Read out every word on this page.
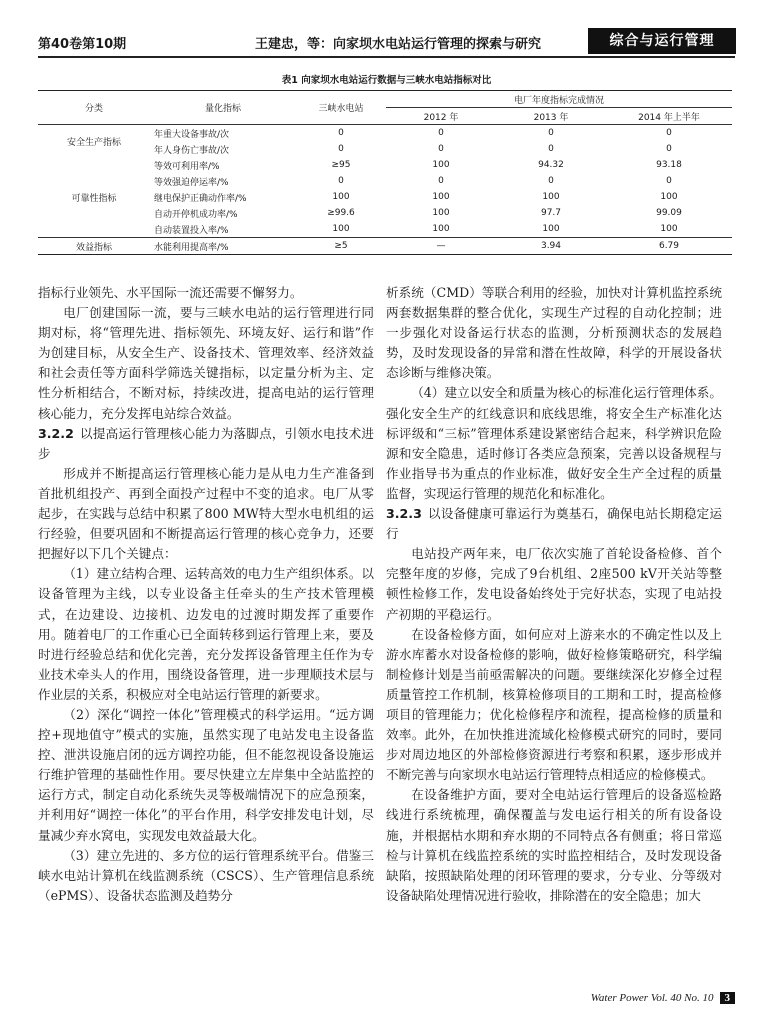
第40卷第10期	王建忠，等：向家坝水电站运行管理的探索与研究	综合与运行管理
表1 向家坝水电站运行数据与三峡水电站指标对比
分类	量化指标	三峡水电站	电厂年度指标完成情况		
			2012 年	2013 年	2014 年上半年
安全生产指标	年重大设备事故/次	0	0	0	0
	年人身伤亡事故/次	0	0	0	0
可靠性指标	等效可利用率/%	≥95	100	94.32	93.18
	等效强迫停运率/%	0	0	0	0
	继电保护正确动作率/%	100	100	100	100
	自动开停机成功率/%	≥99.6	100	97.7	99.09
	自动装置投入率/%	100	100	100	100
效益指标	水能利用提高率/%	≥5	—	3.94	6.79

指标行业领先、水平国际一流还需要不懈努力。

电厂创建国际一流，要与三峡水电站的运行管理进行同期对标，将“管理先进、指标领先、环境友好、运行和谐”作为创建目标，从安全生产、设备技术、管理效率、经济效益和社会责任等方面科学筛选关键指标，以定量分析为主、定性分析相结合，不断对标，持续改进，提高电站的运行管理核心能力，充分发挥电站综合效益。

3.2.2 以提高运行管理核心能力为落脚点，引领水电技术进步

形成并不断提高运行管理核心能力是从电力生产准备到首批机组投产、再到全面投产过程中不变的追求。电厂从零起步，在实践与总结中积累了800 MW特大型水电机组的运行经验，但要巩固和不断提高运行管理的核心竞争力，还要把握好以下几个关键点：

（1）建立结构合理、运转高效的电力生产组织体系。以设备管理为主线，以专业设备主任牵头的生产技术管理模式，在边建设、边接机、边发电的过渡时期发挥了重要作用。随着电厂的工作重心已全面转移到运行管理上来，要及时进行经验总结和优化完善，充分发挥设备管理主任作为专业技术牵头人的作用，围绕设备管理，进一步理顺技术层与作业层的关系，积极应对全电站运行管理的新要求。

（2）深化“调控一体化”管理模式的科学运用。“远方调控+现地值守”模式的实施，虽然实现了电站发电主设备监控、泄洪设施启闭的远方调控功能，但不能忽视设备设施运行维护管理的基础性作用。要尽快建立左岸集中全站监控的运行方式，制定自动化系统失灵等极端情况下的应急预案，并利用好“调控一体化”的平台作用，科学安排发电计划，尽量减少弃水窝电，实现发电效益最大化。

（3）建立先进的、多方位的运行管理系统平台。借鉴三峡水电站计算机在线监测系统（CSCS）、生产管理信息系统（ePMS）、设备状态监测及趋势分

析系统（CMD）等联合利用的经验，加快对计算机监控系统两套数据集群的整合优化，实现生产过程的自动化控制；进一步强化对设备运行状态的监测，分析预测状态的发展趋势，及时发现设备的异常和潜在性故障，科学的开展设备状态诊断与维修决策。

（4）建立以安全和质量为核心的标准化运行管理体系。强化安全生产的红线意识和底线思维，将安全生产标准化达标评级和“三标”管理体系建设紧密结合起来，科学辨识危险源和安全隐患，适时修订各类应急预案，完善以设备规程与作业指导书为重点的作业标准，做好安全生产全过程的质量监督，实现运行管理的规范化和标准化。

3.2.3 以设备健康可靠运行为奠基石，确保电站长期稳定运行

电站投产两年来，电厂依次实施了首轮设备检修、首个完整年度的岁修，完成了9台机组、2座500 kV开关站等整顿性检修工作，发电设备始终处于完好状态，实现了电站投产初期的平稳运行。

在设备检修方面，如何应对上游来水的不确定性以及上游水库蓄水对设备检修的影响，做好检修策略研究，科学编制检修计划是当前亟需解决的问题。要继续深化岁修全过程质量管控工作机制，核算检修项目的工期和工时，提高检修项目的管理能力；优化检修程序和流程，提高检修的质量和效率。此外，在加快推进流域化检修模式研究的同时，要同步对周边地区的外部检修资源进行考察和积累，逐步形成并不断完善与向家坝水电站运行管理特点相适应的检修模式。

在设备维护方面，要对全电站运行管理后的设备巡检路线进行系统梳理，确保覆盖与发电运行相关的所有设备设施，并根据枯水期和弃水期的不同特点各有侧重；将日常巡检与计算机在线监控系统的实时监控相结合，及时发现设备缺陷，按照缺陷处理的闭环管理的要求，分专业、分等级对设备缺陷处理情况进行验收，排除潜在的安全隐患；加大

Water Power Vol. 40 No. 10 3
